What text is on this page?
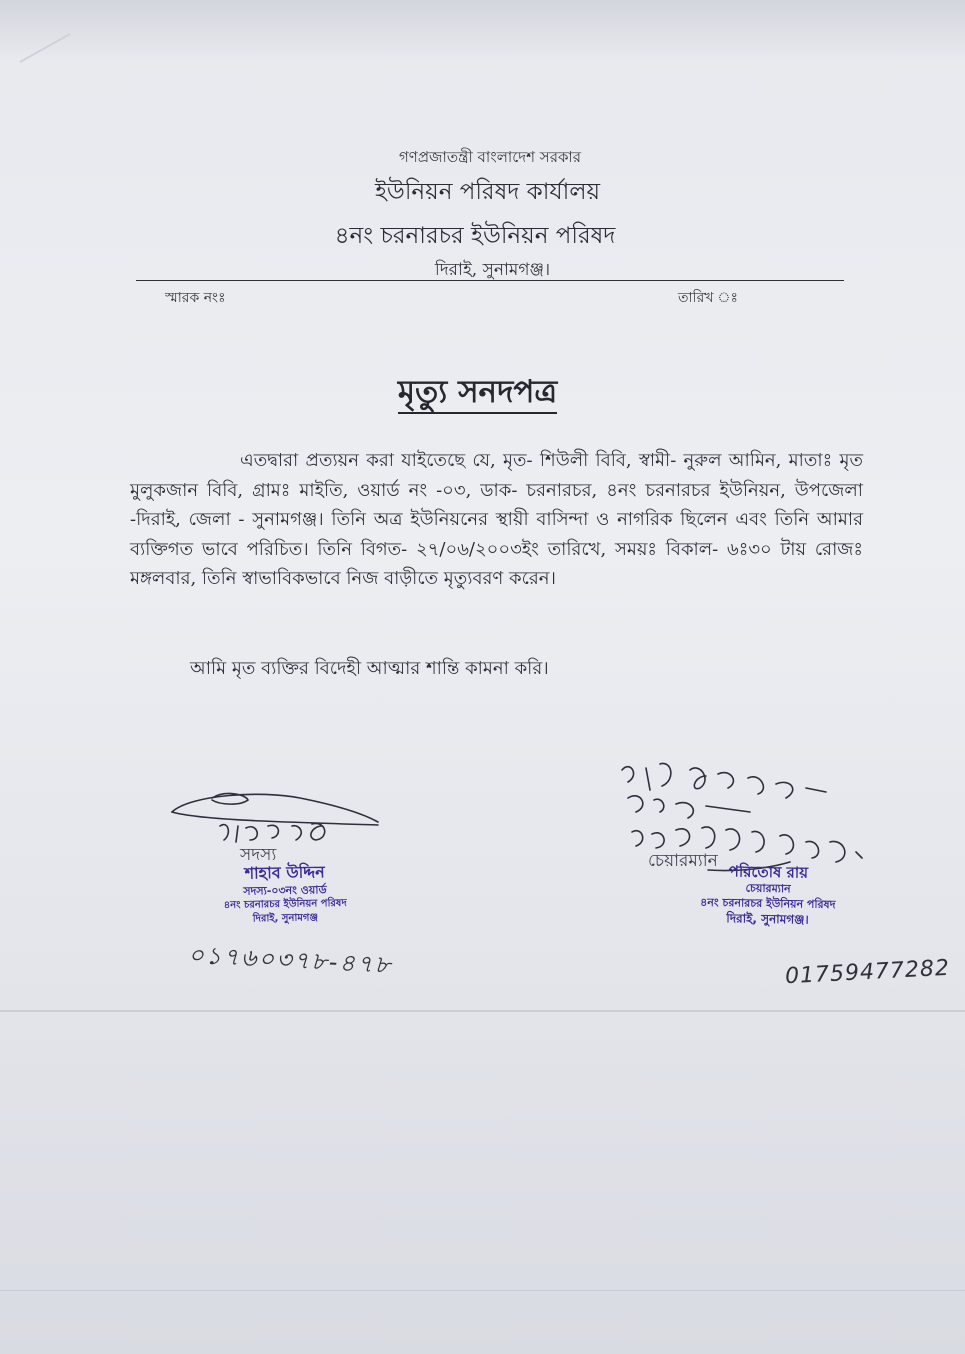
গণপ্রজাতন্ত্রী বাংলাদেশ সরকার
ইউনিয়ন পরিষদ কার্যালয়
৪নং চরনারচর ইউনিয়ন পরিষদ
দিরাই, সুনামগঞ্জ।
স্মারক নংঃ	তারিখ ঃ
মৃত্যু সনদপত্র
এতদ্বারা প্রত্যয়ন করা যাইতেছে যে, মৃত- শিউলী বিবি, স্বামী- নুরুল আমিন, মাতাঃ মৃত মুলুকজান বিবি, গ্রামঃ মাইতি, ওয়ার্ড নং -০৩, ডাক- চরনারচর, ৪নং চরনারচর ইউনিয়ন, উপজেলা -দিরাই, জেলা - সুনামগঞ্জ। তিনি অত্র ইউনিয়নের স্থায়ী বাসিন্দা ও নাগরিক ছিলেন এবং তিনি আমার ব্যক্তিগত ভাবে পরিচিত। তিনি বিগত- ২৭/০৬/২০০৩ইং তারিখে, সময়ঃ বিকাল- ৬ঃ৩০ টায় রোজঃ মঙ্গলবার, তিনি স্বাভাবিকভাবে নিজ বাড়ীতে মৃত্যুবরণ করেন।
আমি মৃত ব্যক্তির বিদেহী আত্মার শান্তি কামনা করি।
সদস্য
শাহাব উদ্দিন
সদস্য-০৩নং ওয়ার্ড
৪নং চরনারচর ইউনিয়ন পরিষদ
দিরাই, সুনামগঞ্জ
চেয়ারম্যান
পরিতোষ রায়
চেয়ারম্যান
৪নং চরনারচর ইউনিয়ন পরিষদ
দিরাই, সুনামগঞ্জ।
০১৭৬০৩৭৮-৪৭৮	01759477282
